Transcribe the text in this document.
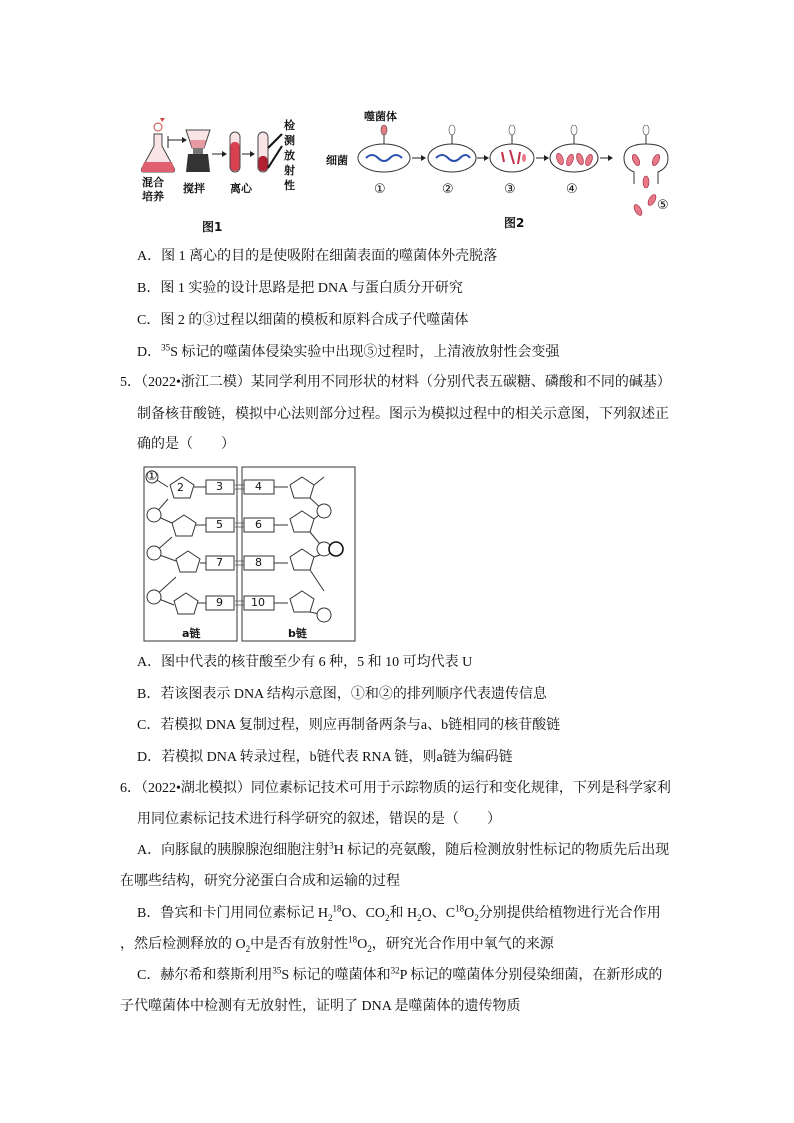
混合
培养
搅拌 离心
检
测
放
射
性
图1
噬菌体
细菌
①	②	③	④
⑤
图2
A．图 1 离心的目的是使吸附在细菌表面的噬菌体外壳脱落
B．图 1 实验的设计思路是把 DNA 与蛋白质分开研究
C．图 2 的③过程以细菌的模板和原料合成子代噬菌体
D．$^{35}$S 标记的噬菌体侵染实验中出现⑤过程时，上清液放射性会变强
5．（2022•浙江二模）某同学利用不同形状的材料（分别代表五碳糖、磷酸和不同的碱基）
制备核苷酸链，模拟中心法则部分过程。图示为模拟过程中的相关示意图，下列叙述正
确的是（　　）
①
2	3	4
5	6
7	8
9	10
a链	b链
A．图中代表的核苷酸至少有 6 种，5 和 10 可均代表 U
B．若该图表示 DNA 结构示意图，①和②的排列顺序代表遗传信息
C．若模拟 DNA 复制过程，则应再制备两条与a、b链相同的核苷酸链
D．若模拟 DNA 转录过程，b链代表 RNA 链，则a链为编码链
6．（2022•湖北模拟）同位素标记技术可用于示踪物质的运行和变化规律，下列是科学家利
用同位素标记技术进行科学研究的叙述，错误的是（　　）
A．向豚鼠的胰腺腺泡细胞注射$^3$H 标记的亮氨酸，随后检测放射性标记的物质先后出现
在哪些结构，研究分泌蛋白合成和运输的过程
B．鲁宾和卡门用同位素标记 $H_2^{18}O$、$CO_2$和 $H_2O$、$C^{18}O_2$分别提供给植物进行光合作用
，然后检测释放的 $O_2$中是否有放射性$^{18}O_2$，研究光合作用中氧气的来源
C．赫尔希和蔡斯利用$^{35}$S 标记的噬菌体和$^{32}$P 标记的噬菌体分别侵染细菌，在新形成的
子代噬菌体中检测有无放射性，证明了 DNA 是噬菌体的遗传物质
